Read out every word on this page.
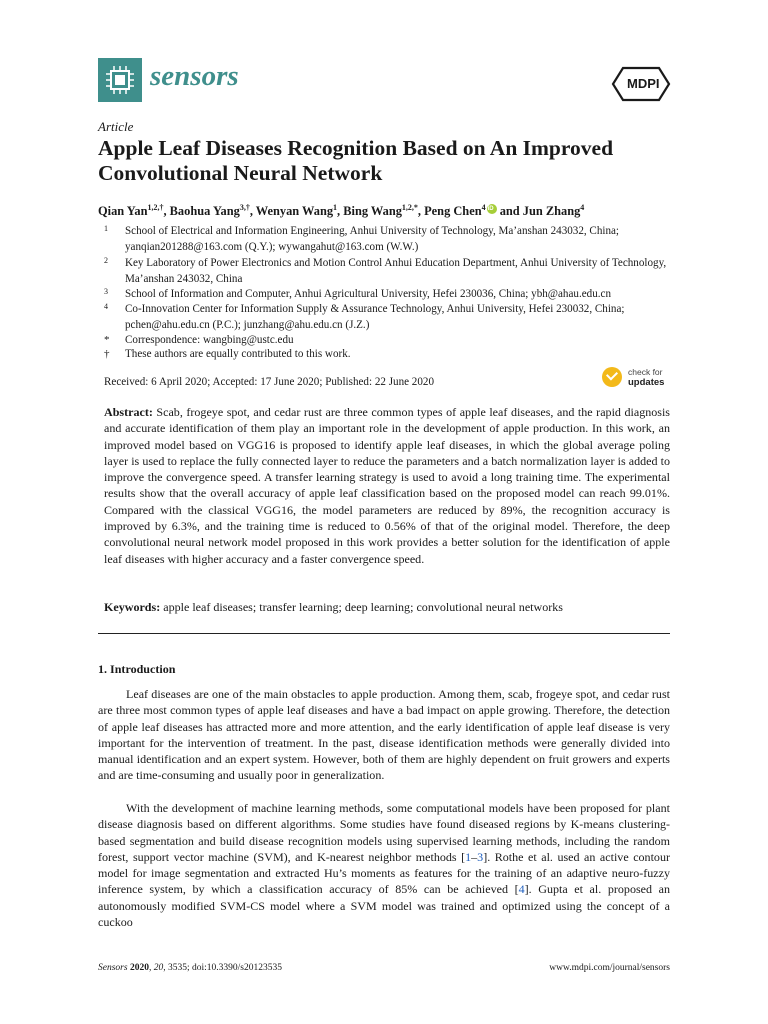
sensors	MDPI
Article
Apple Leaf Diseases Recognition Based on An Improved Convolutional Neural Network
Qian Yan$^{1,2,\dagger}$, Baohua Yang$^{3,\dagger}$, Wenyan Wang$^1$, Bing Wang$^{1,2,*}$, Peng Chen$^4$iD and Jun Zhang$^4$
1 School of Electrical and Information Engineering, Anhui University of Technology, Ma’anshan 243032, China; yanqian201288@163.com (Q.Y.); wywangahut@163.com (W.W.)
2 Key Laboratory of Power Electronics and Motion Control Anhui Education Department, Anhui University of Technology, Ma’anshan 243032, China
3 School of Information and Computer, Anhui Agricultural University, Hefei 230036, China; ybh@ahau.edu.cn
4 Co-Innovation Center for Information Supply & Assurance Technology, Anhui University, Hefei 230032, China; pchen@ahu.edu.cn (P.C.); junzhang@ahu.edu.cn (J.Z.)
* Correspondence: wangbing@ustc.edu
† These authors are equally contributed to this work.
Received: 6 April 2020; Accepted: 17 June 2020; Published: 22 June 2020
check for
updates
Abstract: Scab, frogeye spot, and cedar rust are three common types of apple leaf diseases, and the rapid diagnosis and accurate identification of them play an important role in the development of apple production. In this work, an improved model based on VGG16 is proposed to identify apple leaf diseases, in which the global average poling layer is used to replace the fully connected layer to reduce the parameters and a batch normalization layer is added to improve the convergence speed. A transfer learning strategy is used to avoid a long training time. The experimental results show that the overall accuracy of apple leaf classification based on the proposed model can reach 99.01%. Compared with the classical VGG16, the model parameters are reduced by 89%, the recognition accuracy is improved by 6.3%, and the training time is reduced to 0.56% of that of the original model. Therefore, the deep convolutional neural network model proposed in this work provides a better solution for the identification of apple leaf diseases with higher accuracy and a faster convergence speed.
Keywords: apple leaf diseases; transfer learning; deep learning; convolutional neural networks
1. Introduction
Leaf diseases are one of the main obstacles to apple production. Among them, scab, frogeye spot, and cedar rust are three most common types of apple leaf diseases and have a bad impact on apple growing. Therefore, the detection of apple leaf diseases has attracted more and more attention, and the early identification of apple leaf disease is very important for the intervention of treatment. In the past, disease identification methods were generally divided into manual identification and an expert system. However, both of them are highly dependent on fruit growers and experts and are time-consuming and usually poor in generalization.
With the development of machine learning methods, some computational models have been proposed for plant disease diagnosis based on different algorithms. Some studies have found diseased regions by K-means clustering-based segmentation and build disease recognition models using supervised learning methods, including the random forest, support vector machine (SVM), and K-nearest neighbor methods [1–3]. Rothe et al. used an active contour model for image segmentation and extracted Hu’s moments as features for the training of an adaptive neuro-fuzzy inference system, by which a classification accuracy of 85% can be achieved [4]. Gupta et al. proposed an autonomously modified SVM-CS model where a SVM model was trained and optimized using the concept of a cuckoo
Sensors 2020, 20, 3535; doi:10.3390/s20123535	www.mdpi.com/journal/sensors
